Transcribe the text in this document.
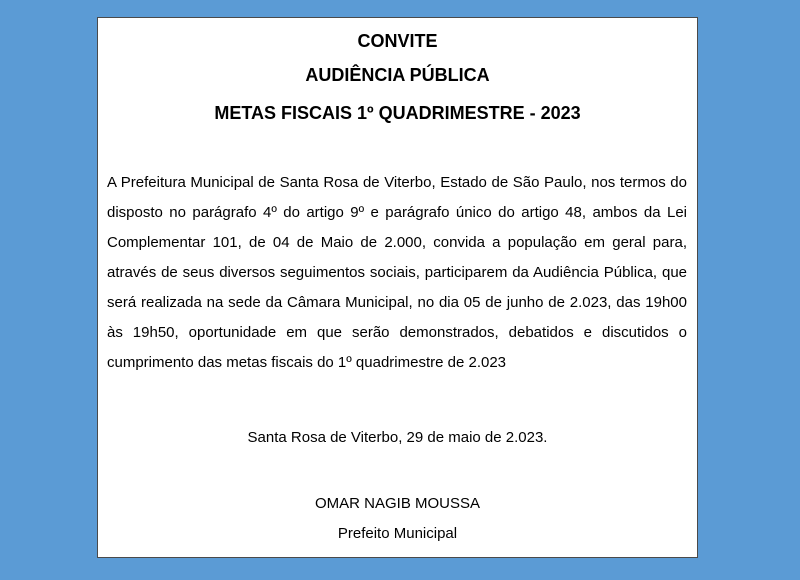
CONVITE
AUDIÊNCIA PÚBLICA
METAS FISCAIS 1º QUADRIMESTRE - 2023

A Prefeitura Municipal de Santa Rosa de Viterbo, Estado de São Paulo, nos termos do disposto no parágrafo 4º do artigo 9º e parágrafo único do artigo 48, ambos da Lei Complementar 101, de 04 de Maio de 2.000, convida a população em geral para, através de seus diversos seguimentos sociais, participarem da Audiência Pública, que será realizada na sede da Câmara Municipal, no dia 05 de junho de 2.023, das 19h00 às 19h50, oportunidade em que serão demonstrados, debatidos e discutidos o cumprimento das metas fiscais do 1º quadrimestre de 2.023

Santa Rosa de Viterbo, 29 de maio de 2.023.

OMAR NAGIB MOUSSA

Prefeito Municipal
